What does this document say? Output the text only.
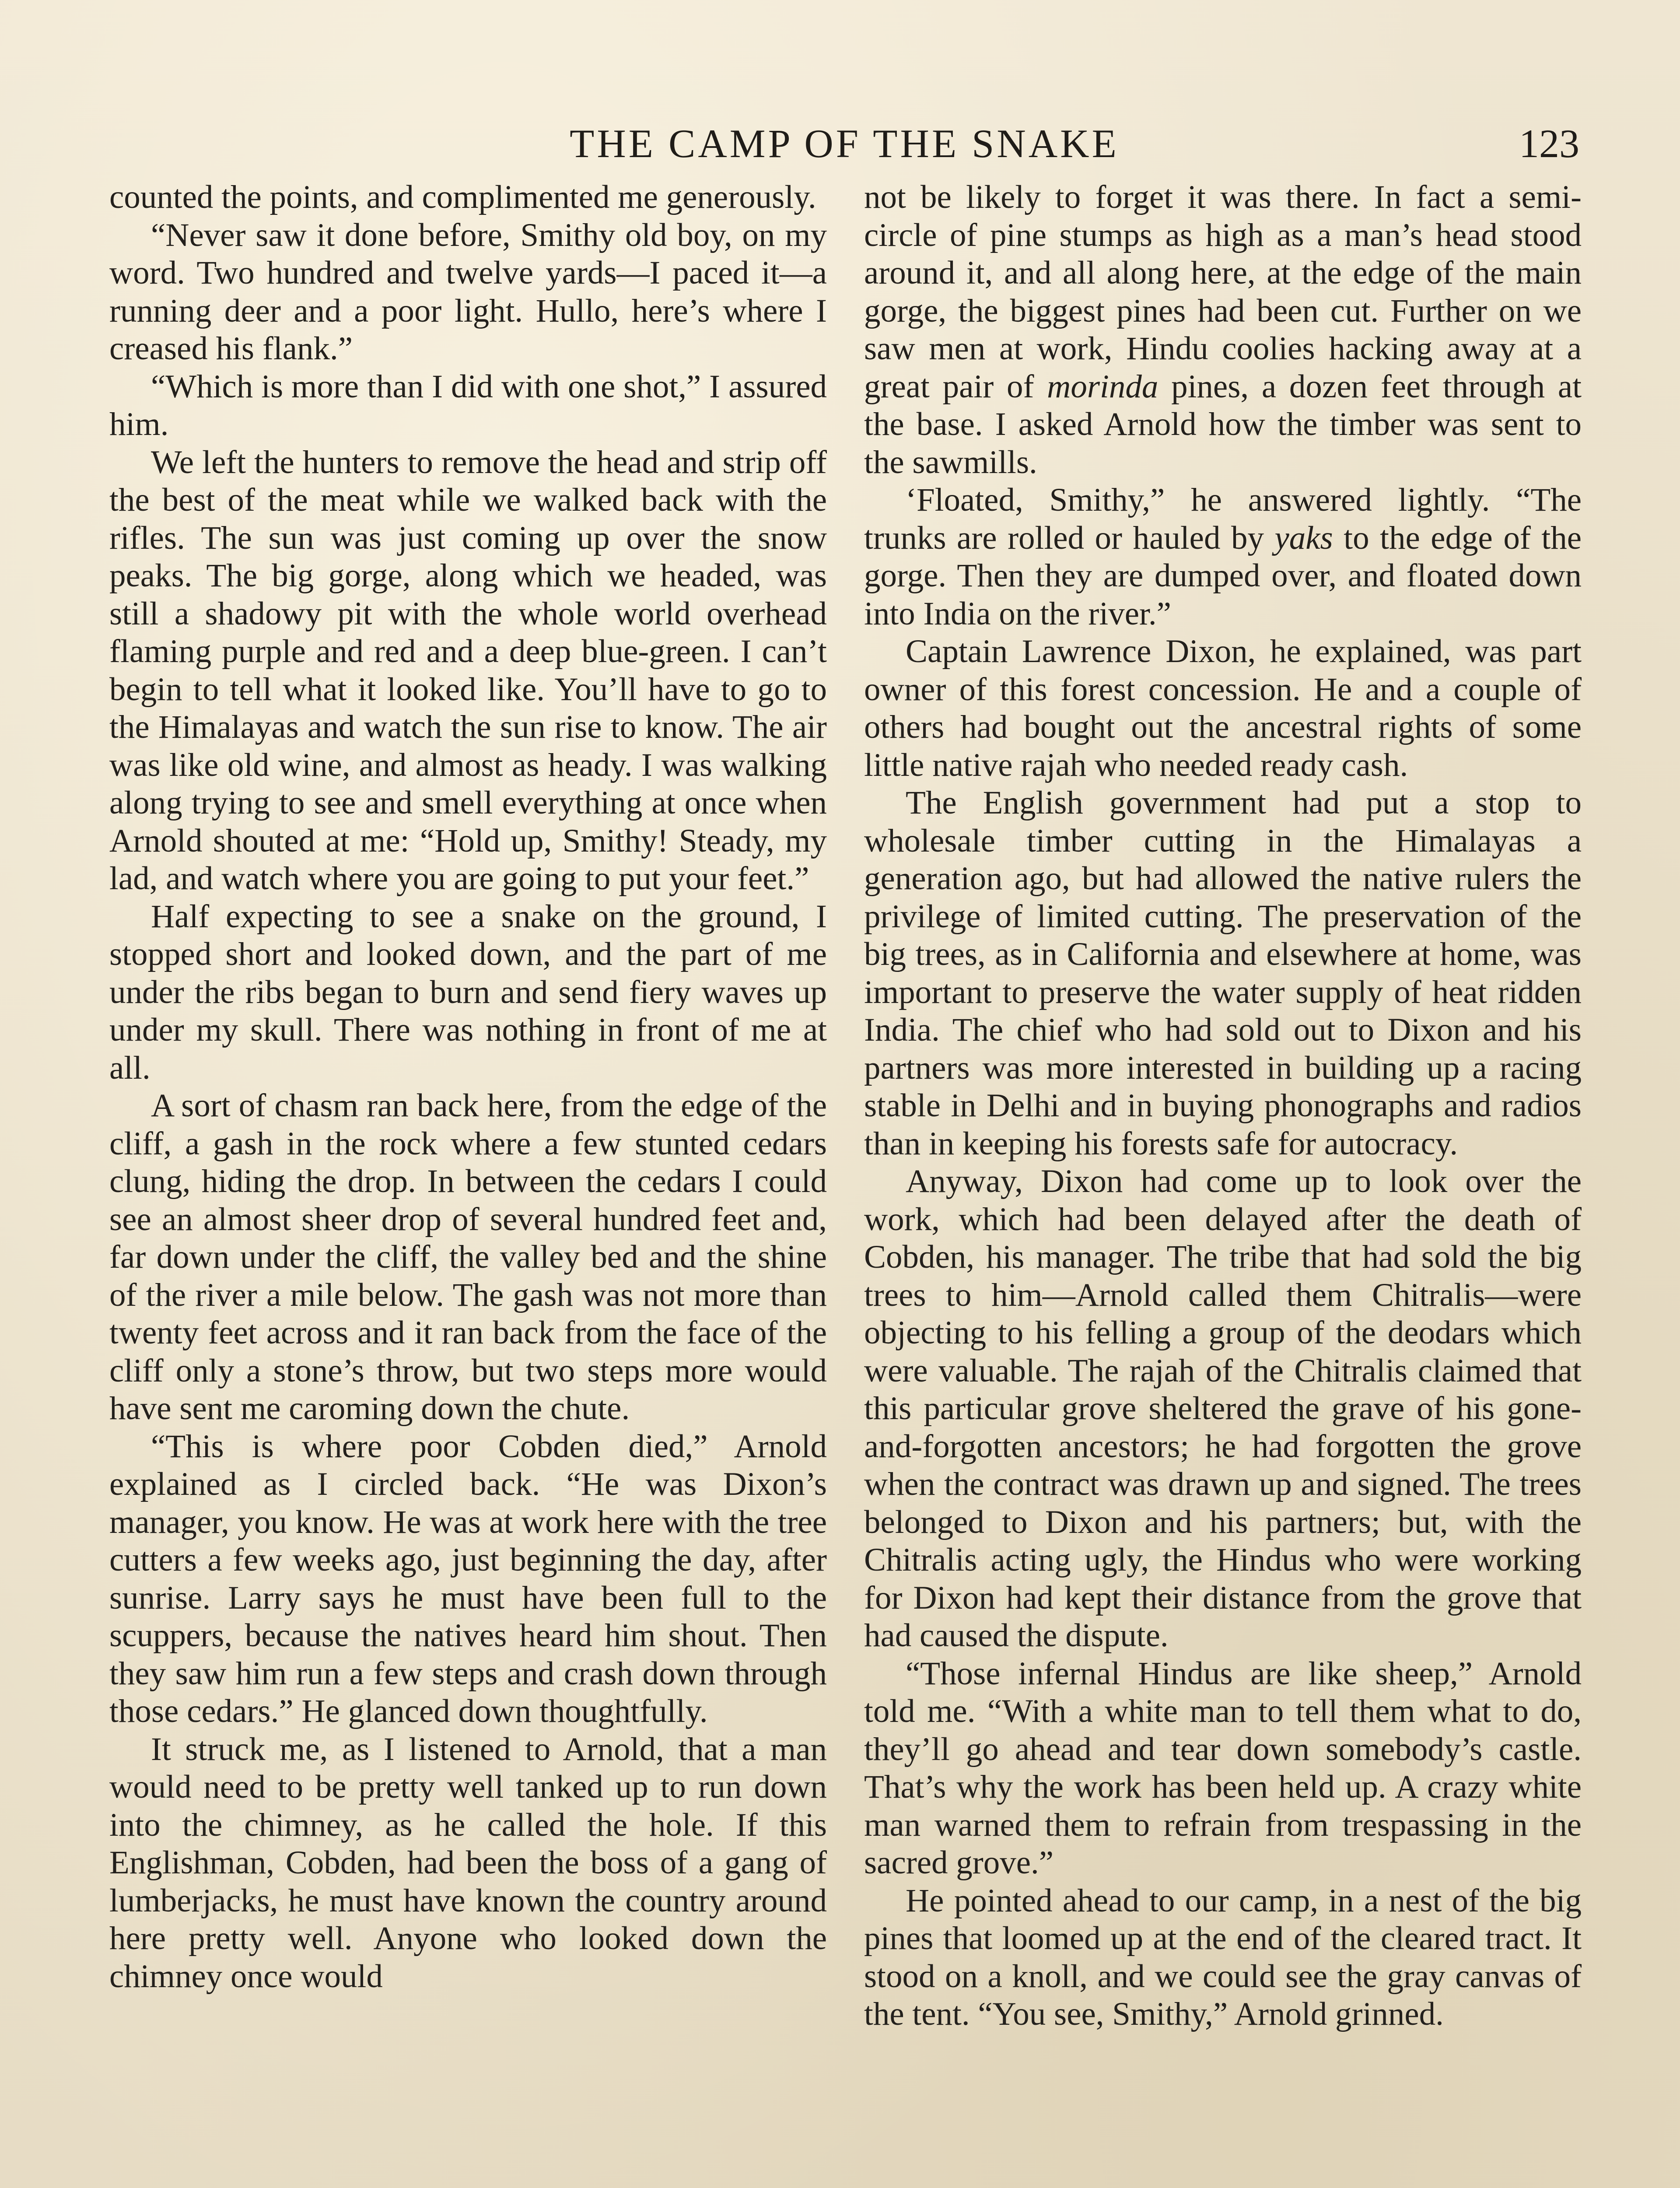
THE CAMP OF THE SNAKE	123

counted the points, and complimented me generously.

“Never saw it done before, Smithy old boy, on my word. Two hundred and twelve yards—I paced it—a running deer and a poor light. Hullo, here’s where I creased his flank.”

“Which is more than I did with one shot,” I assured him.

We left the hunters to remove the head and strip off the best of the meat while we walked back with the rifles. The sun was just coming up over the snow peaks. The big gorge, along which we headed, was still a shadowy pit with the whole world overhead flaming purple and red and a deep blue-green. I can’t begin to tell what it looked like. You’ll have to go to the Himalayas and watch the sun rise to know. The air was like old wine, and almost as heady. I was walking along trying to see and smell everything at once when Arnold shouted at me: “Hold up, Smithy! Steady, my lad, and watch where you are going to put your feet.”

Half expecting to see a snake on the ground, I stopped short and looked down, and the part of me under the ribs began to burn and send fiery waves up under my skull. There was nothing in front of me at all.

A sort of chasm ran back here, from the edge of the cliff, a gash in the rock where a few stunted cedars clung, hiding the drop. In between the cedars I could see an almost sheer drop of several hundred feet and, far down under the cliff, the valley bed and the shine of the river a mile below. The gash was not more than twenty feet across and it ran back from the face of the cliff only a stone’s throw, but two steps more would have sent me caroming down the chute.

“This is where poor Cobden died,” Arnold explained as I circled back. “He was Dixon’s manager, you know. He was at work here with the tree cutters a few weeks ago, just beginning the day, after sunrise. Larry says he must have been full to the scuppers, because the natives heard him shout. Then they saw him run a few steps and crash down through those cedars.” He glanced down thoughtfully.

It struck me, as I listened to Arnold, that a man would need to be pretty well tanked up to run down into the chimney, as he called the hole. If this Englishman, Cobden, had been the boss of a gang of lumberjacks, he must have known the country around here pretty well. Anyone who looked down the chimney once would

not be likely to forget it was there. In fact a semi-circle of pine stumps as high as a man’s head stood around it, and all along here, at the edge of the main gorge, the biggest pines had been cut. Further on we saw men at work, Hindu coolies hacking away at a great pair of morinda pines, a dozen feet through at the base. I asked Arnold how the timber was sent to the sawmills.

‘Floated, Smithy,” he answered lightly. “The trunks are rolled or hauled by yaks to the edge of the gorge. Then they are dumped over, and floated down into India on the river.”

Captain Lawrence Dixon, he explained, was part owner of this forest concession. He and a couple of others had bought out the ancestral rights of some little native rajah who needed ready cash.

The English government had put a stop to wholesale timber cutting in the Himalayas a generation ago, but had allowed the native rulers the privilege of limited cutting. The preservation of the big trees, as in California and elsewhere at home, was important to preserve the water supply of heat ridden India. The chief who had sold out to Dixon and his partners was more interested in building up a racing stable in Delhi and in buying phonographs and radios than in keeping his forests safe for autocracy.

Anyway, Dixon had come up to look over the work, which had been delayed after the death of Cobden, his manager. The tribe that had sold the big trees to him—Arnold called them Chitralis—were objecting to his felling a group of the deodars which were valuable. The rajah of the Chitralis claimed that this particular grove sheltered the grave of his gone-and-forgotten ancestors; he had forgotten the grove when the contract was drawn up and signed. The trees belonged to Dixon and his partners; but, with the Chitralis acting ugly, the Hindus who were working for Dixon had kept their distance from the grove that had caused the dispute.

“Those infernal Hindus are like sheep,” Arnold told me. “With a white man to tell them what to do, they’ll go ahead and tear down somebody’s castle. That’s why the work has been held up. A crazy white man warned them to refrain from trespassing in the sacred grove.”

He pointed ahead to our camp, in a nest of the big pines that loomed up at the end of the cleared tract. It stood on a knoll, and we could see the gray canvas of the tent. “You see, Smithy,” Arnold grinned.
